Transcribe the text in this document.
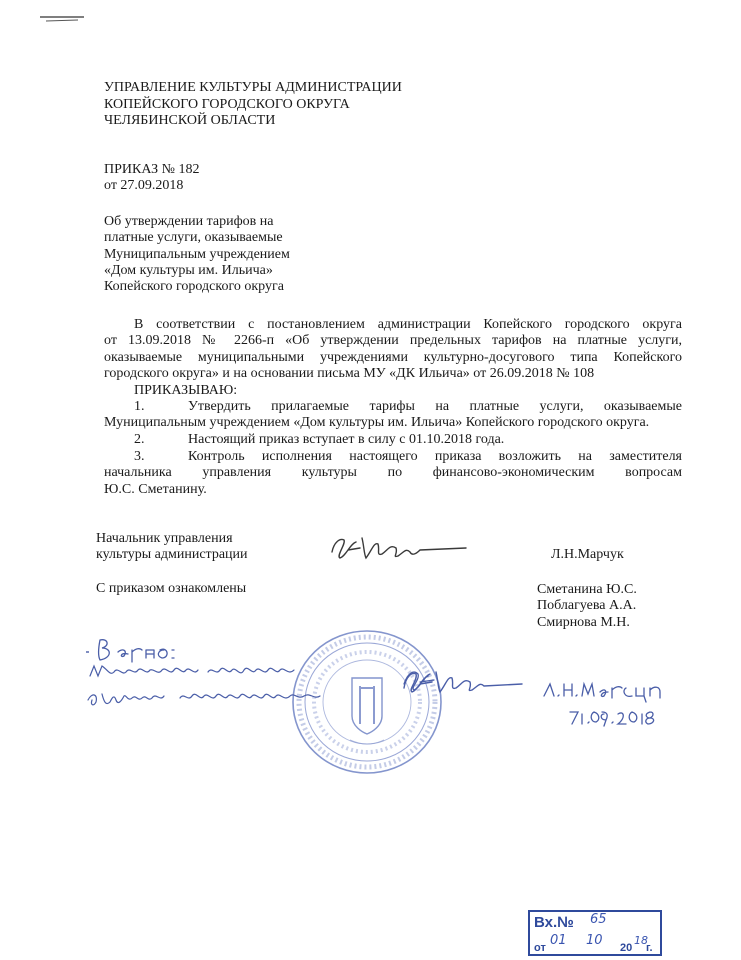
УПРАВЛЕНИЕ КУЛЬТУРЫ АДМИНИСТРАЦИИ
КОПЕЙСКОГО ГОРОДСКОГО ОКРУГА
ЧЕЛЯБИНСКОЙ ОБЛАСТИ
ПРИКАЗ № 182
от 27.09.2018
Об утверждении тарифов на
платные услуги, оказываемые
Муниципальным учреждением
«Дом культуры им. Ильича»
Копейского городского округа
В соответствии с постановлением администрации Копейского городского округа
от 13.09.2018 № 2266-п «Об утверждении предельных тарифов на платные услуги,
оказываемые муниципальными учреждениями культурно-досугового типа Копейского
городского округа» и на основании письма МУ «ДК Ильича» от 26.09.2018 № 108
ПРИКАЗЫВАЮ:
1.	Утвердить прилагаемые тарифы на платные услуги, оказываемые
Муниципальным учреждением «Дом культуры им. Ильича» Копейского городского округа.
2.	Настоящий приказ вступает в силу с 01.10.2018 года.
3.	Контроль исполнения настоящего приказа возложить на заместителя
начальника управления культуры по финансово-экономическим вопросам
Ю.С. Сметанину.
Начальник управления
культуры администрации	Л.Н.Марчук
С приказом ознакомлены	Сметанина Ю.С.
Поблагуева А.А.
Смирнова М.Н.
Вх.№ 65
от 01 10 20
18
г.
